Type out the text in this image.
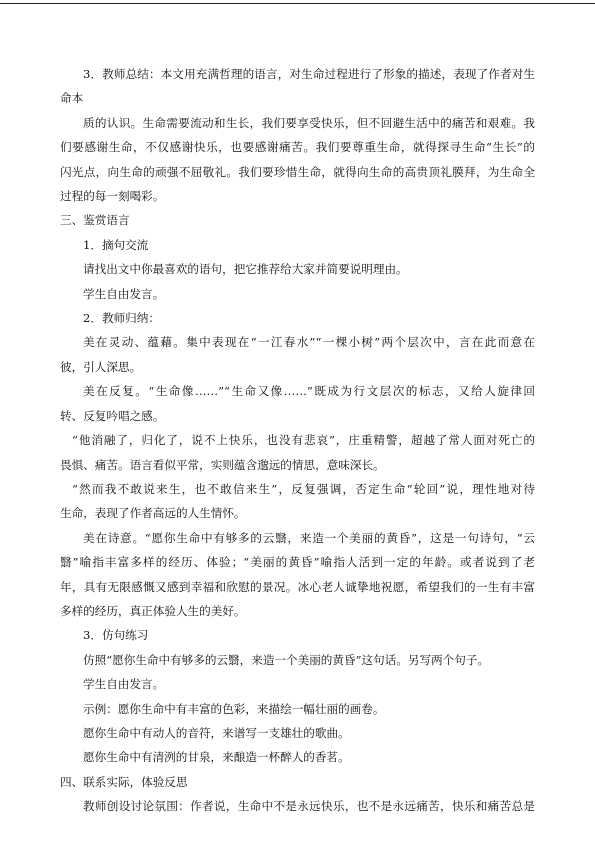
3．教师总结：本文用充满哲理的语言，对生命过程进行了形象的描述，表现了作者对生
命本
质的认识。生命需要流动和生长，我们要享受快乐，但不回避生活中的痛苦和艰难。我
们要感谢生命，不仅感谢快乐，也要感谢痛苦。我们要尊重生命，就得探寻生命“生长”的
闪光点，向生命的顽强不屈敬礼。我们要珍惜生命，就得向生命的高贵顶礼膜拜，为生命全
过程的每一刻喝彩。
三、鉴赏语言
1．摘句交流
请找出文中你最喜欢的语句，把它推荐给大家并简要说明理由。
学生自由发言。
2．教师归纳：
美在灵动、蕴藉。集中表现在“一江春水”“一棵小树”两个层次中，言在此而意在
彼，引人深思。
美在反复。“生命像……”“生命又像……”既成为行文层次的标志，又给人旋律回
转、反复吟唱之感。
“他消融了，归化了，说不上快乐，也没有悲哀”，庄重精警，超越了常人面对死亡的
畏惧、痛苦。语言看似平常，实则蕴含邈远的情思，意味深长。
“然而我不敢说来生，也不敢信来生”，反复强调，否定生命“轮回”说，理性地对待
生命，表现了作者高远的人生情怀。
美在诗意。“愿你生命中有够多的云翳，来造一个美丽的黄昏”，这是一句诗句，“云
翳”喻指丰富多样的经历、体验；“美丽的黄昏”喻指人活到一定的年龄。或者说到了老
年，具有无限感慨又感到幸福和欣慰的景况。冰心老人诚挚地祝愿，希望我们的一生有丰富
多样的经历，真正体验人生的美好。
3．仿句练习
仿照“愿你生命中有够多的云翳，来造一个美丽的黄昏”这句话。另写两个句子。
学生自由发言。
示例：愿你生命中有丰富的色彩，来描绘一幅壮丽的画卷。
愿你生命中有动人的音符，来谱写一支雄壮的歌曲。
愿你生命中有清洌的甘泉，来酿造一杯醉人的香茗。
四、联系实际，体验反思
教师创设讨论氛围：作者说，生命中不是永远快乐，也不是永远痛苦，快乐和痛苦总是
